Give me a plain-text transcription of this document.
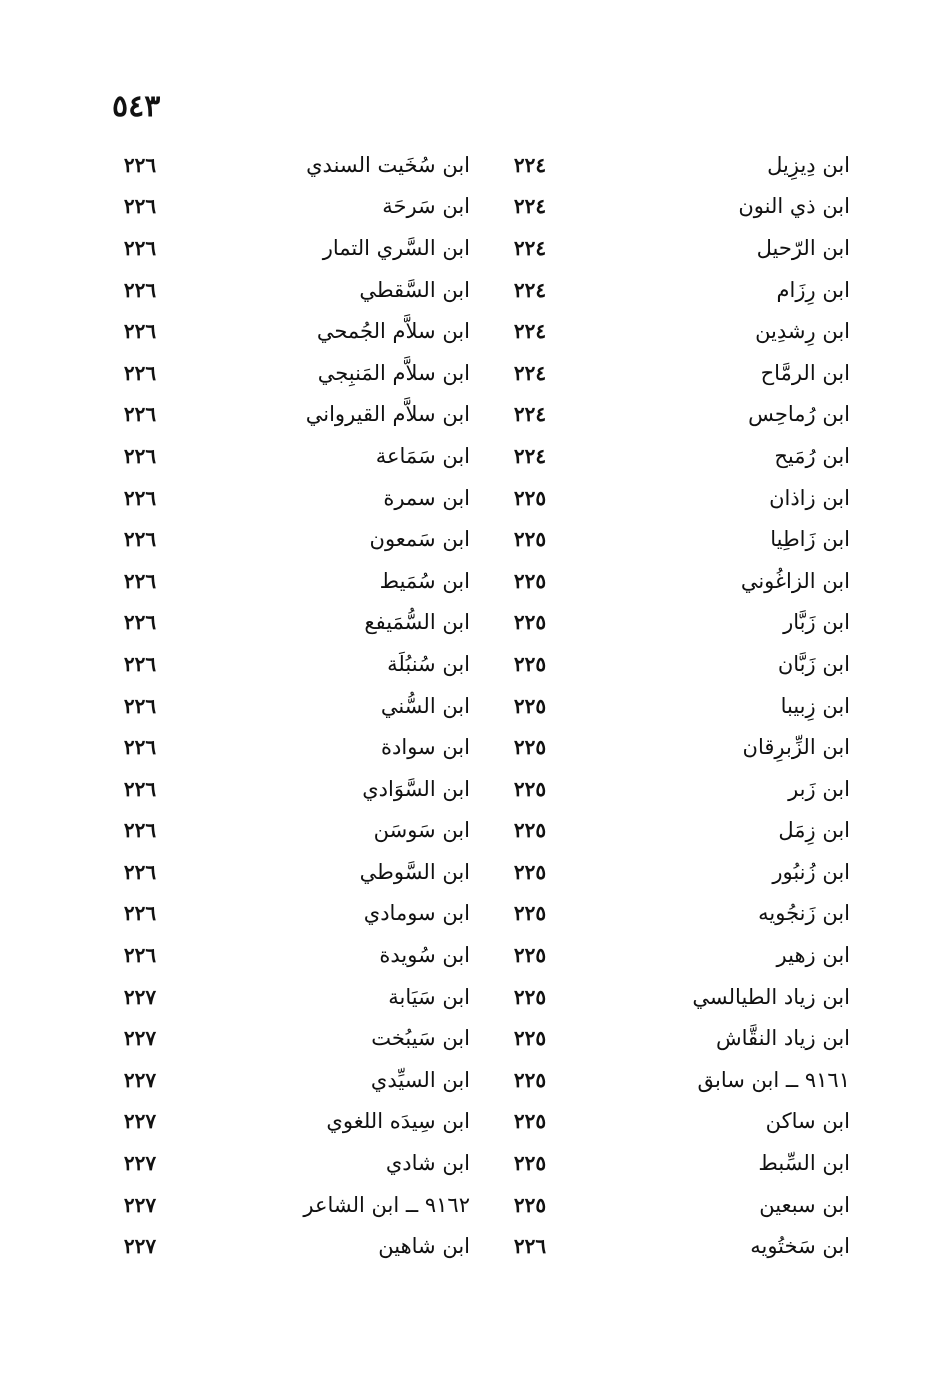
٥٤٣
ابن دِيزِيل
٢٢٤
ابن ذي النون
٢٢٤
ابن الرّحيل
٢٢٤
ابن رِزَام
٢٢٤
ابن رِشدِين
٢٢٤
ابن الرمَّاح
٢٢٤
ابن رُماحِس
٢٢٤
ابن رُمَيح
٢٢٤
ابن زاذان
٢٢٥
ابن زَاطِيا
٢٢٥
ابن الزاغُوني
٢٢٥
ابن زَبَّار
٢٢٥
ابن زَبَّان
٢٢٥
ابن زِبيبا
٢٢٥
ابن الزِّبرِقان
٢٢٥
ابن زَبر
٢٢٥
ابن زِمَل
٢٢٥
ابن زُنبُور
٢٢٥
ابن زَنجُويه
٢٢٥
ابن زهير
٢٢٥
ابن زياد الطيالسي
٢٢٥
ابن زياد النقَّاش
٢٢٥
٩١٦١ ــ ابن سابق
٢٢٥
ابن ساكن
٢٢٥
ابن السِّبط
٢٢٥
ابن سبعين
٢٢٥
ابن سَختُويه
٢٢٦
ابن سُخَيت السندي
٢٢٦
ابن سَرحَة
٢٢٦
ابن السَّري التمار
٢٢٦
ابن السَّقطي
٢٢٦
ابن سلاَّم الجُمحي
٢٢٦
ابن سلاَّم المَنبِجي
٢٢٦
ابن سلاَّم القيرواني
٢٢٦
ابن سَمَاعة
٢٢٦
ابن سمرة
٢٢٦
ابن سَمعون
٢٢٦
ابن سُمَيط
٢٢٦
ابن السُّمَيفع
٢٢٦
ابن سُنبُلَة
٢٢٦
ابن السُّني
٢٢٦
ابن سوادة
٢٢٦
ابن السَّوَادي
٢٢٦
ابن سَوسَن
٢٢٦
ابن السَّوطي
٢٢٦
ابن سومادي
٢٢٦
ابن سُويدة
٢٢٦
ابن سَيَابة
٢٢٧
ابن سَيبُخت
٢٢٧
ابن السيِّدي
٢٢٧
ابن سِيدَه اللغوي
٢٢٧
ابن شادي
٢٢٧
٩١٦٢ ــ ابن الشاعر
٢٢٧
ابن شاهين
٢٢٧
